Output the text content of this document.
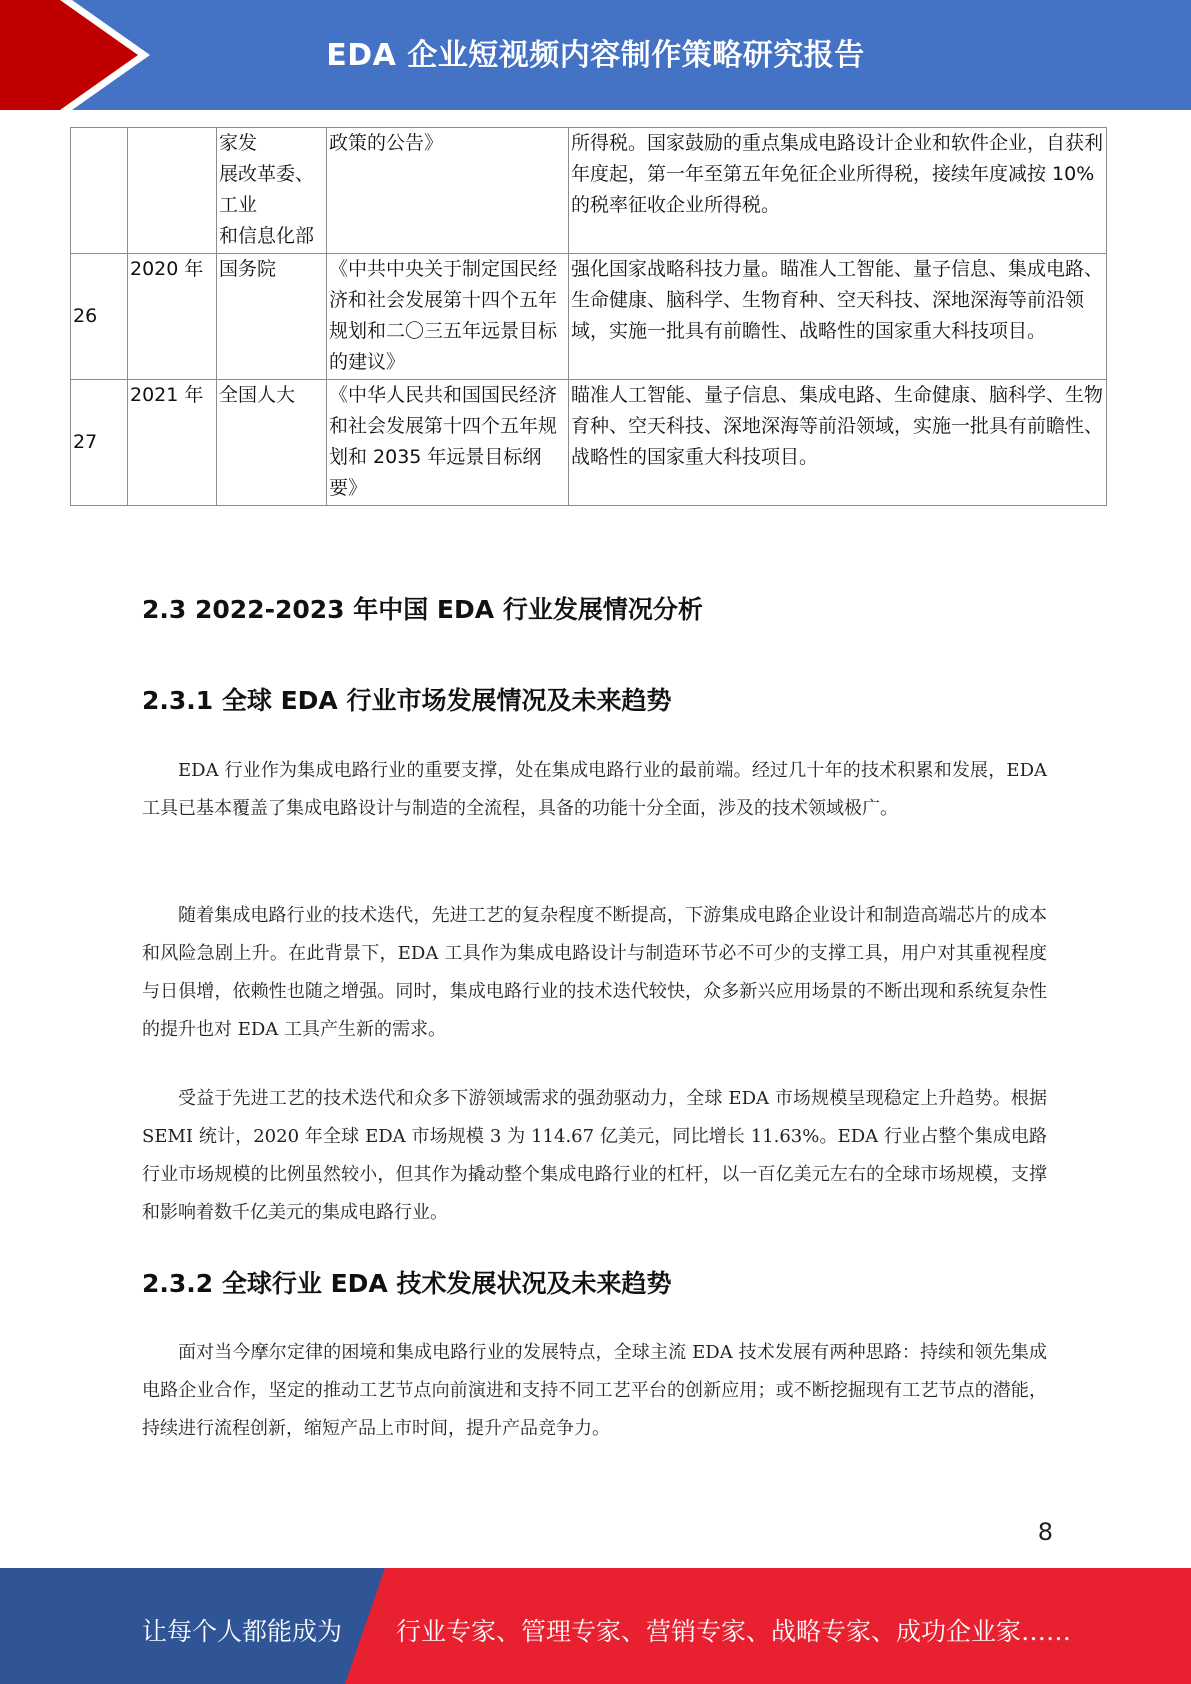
EDA 企业短视频内容制作策略研究报告
		家发
展改革委、
工业
和信息化部	政策的公告》	所得税。国家鼓励的重点集成电路设计企业和软件企业，自获利年度起，第一年至第五年免征企业所得税，接续年度减按 10%的税率征收企业所得税。
26	2020 年	国务院	《中共中央关于制定国民经济和社会发展第十四个五年规划和二〇三五年远景目标的建议》	强化国家战略科技力量。瞄准人工智能、量子信息、集成电路、生命健康、脑科学、生物育种、空天科技、深地深海等前沿领域，实施一批具有前瞻性、战略性的国家重大科技项目。
27	2021 年	全国人大	《中华人民共和国国民经济和社会发展第十四个五年规划和 2035 年远景目标纲要》	瞄准人工智能、量子信息、集成电路、生命健康、脑科学、生物育种、空天科技、深地深海等前沿领域，实施一批具有前瞻性、战略性的国家重大科技项目。
2.3 2022-2023 年中国 EDA 行业发展情况分析
2.3.1 全球 EDA 行业市场发展情况及未来趋势

EDA 行业作为集成电路行业的重要支撑，处在集成电路行业的最前端。经过几十年的技术积累和发展，EDA 工具已基本覆盖了集成电路设计与制造的全流程，具备的功能十分全面，涉及的技术领域极广。

随着集成电路行业的技术迭代，先进工艺的复杂程度不断提高，下游集成电路企业设计和制造高端芯片的成本和风险急剧上升。在此背景下，EDA 工具作为集成电路设计与制造环节必不可少的支撑工具，用户对其重视程度与日俱增，依赖性也随之增强。同时，集成电路行业的技术迭代较快，众多新兴应用场景的不断出现和系统复杂性的提升也对 EDA 工具产生新的需求。

受益于先进工艺的技术迭代和众多下游领域需求的强劲驱动力，全球 EDA 市场规模呈现稳定上升趋势。根据 SEMI 统计，2020 年全球 EDA 市场规模 3 为 114.67 亿美元，同比增长 11.63%。EDA 行业占整个集成电路行业市场规模的比例虽然较小，但其作为撬动整个集成电路行业的杠杆，以一百亿美元左右的全球市场规模，支撑和影响着数千亿美元的集成电路行业。

2.3.2 全球行业 EDA 技术发展状况及未来趋势

面对当今摩尔定律的困境和集成电路行业的发展特点，全球主流 EDA 技术发展有两种思路：持续和领先集成电路企业合作，坚定的推动工艺节点向前演进和支持不同工艺平台的创新应用；或不断挖掘现有工艺节点的潜能，持续进行流程创新，缩短产品上市时间，提升产品竞争力。

8
让每个人都能成为 行业专家、管理专家、营销专家、战略专家、成功企业家……
